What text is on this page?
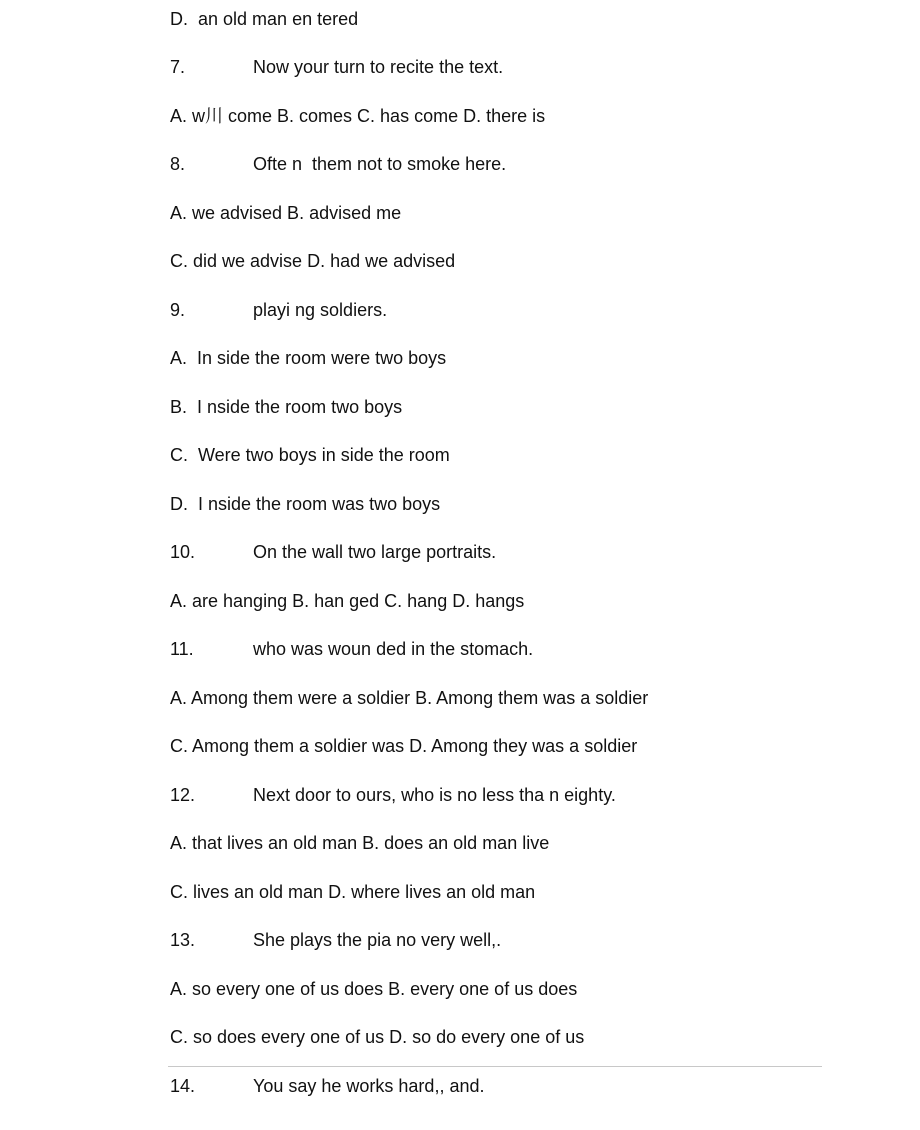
D.  an old man en tered

7.	Now your turn to recite the text.

A. w川 come B. comes C. has come D. there is

8.	Ofte n  them not to smoke here.

A. we advised B. advised me

C. did we advise D. had we advised

9.	playi ng soldiers.

A.  In side the room were two boys

B.  I nside the room two boys

C.  Were two boys in side the room

D.  I nside the room was two boys

10.	On the wall two large portraits.

A. are hanging B. han ged C. hang D. hangs

11.	who was woun ded in the stomach.

A. Among them were a soldier B. Among them was a soldier

C. Among them a soldier was D. Among they was a soldier

12.	Next door to ours, who is no less tha n eighty.

A. that lives an old man B. does an old man live

C. lives an old man D. where lives an old man

13.	She plays the pia no very well,.

A. so every one of us does B. every one of us does

C. so does every one of us D. so do every one of us

14.	You say he works hard,, and.
